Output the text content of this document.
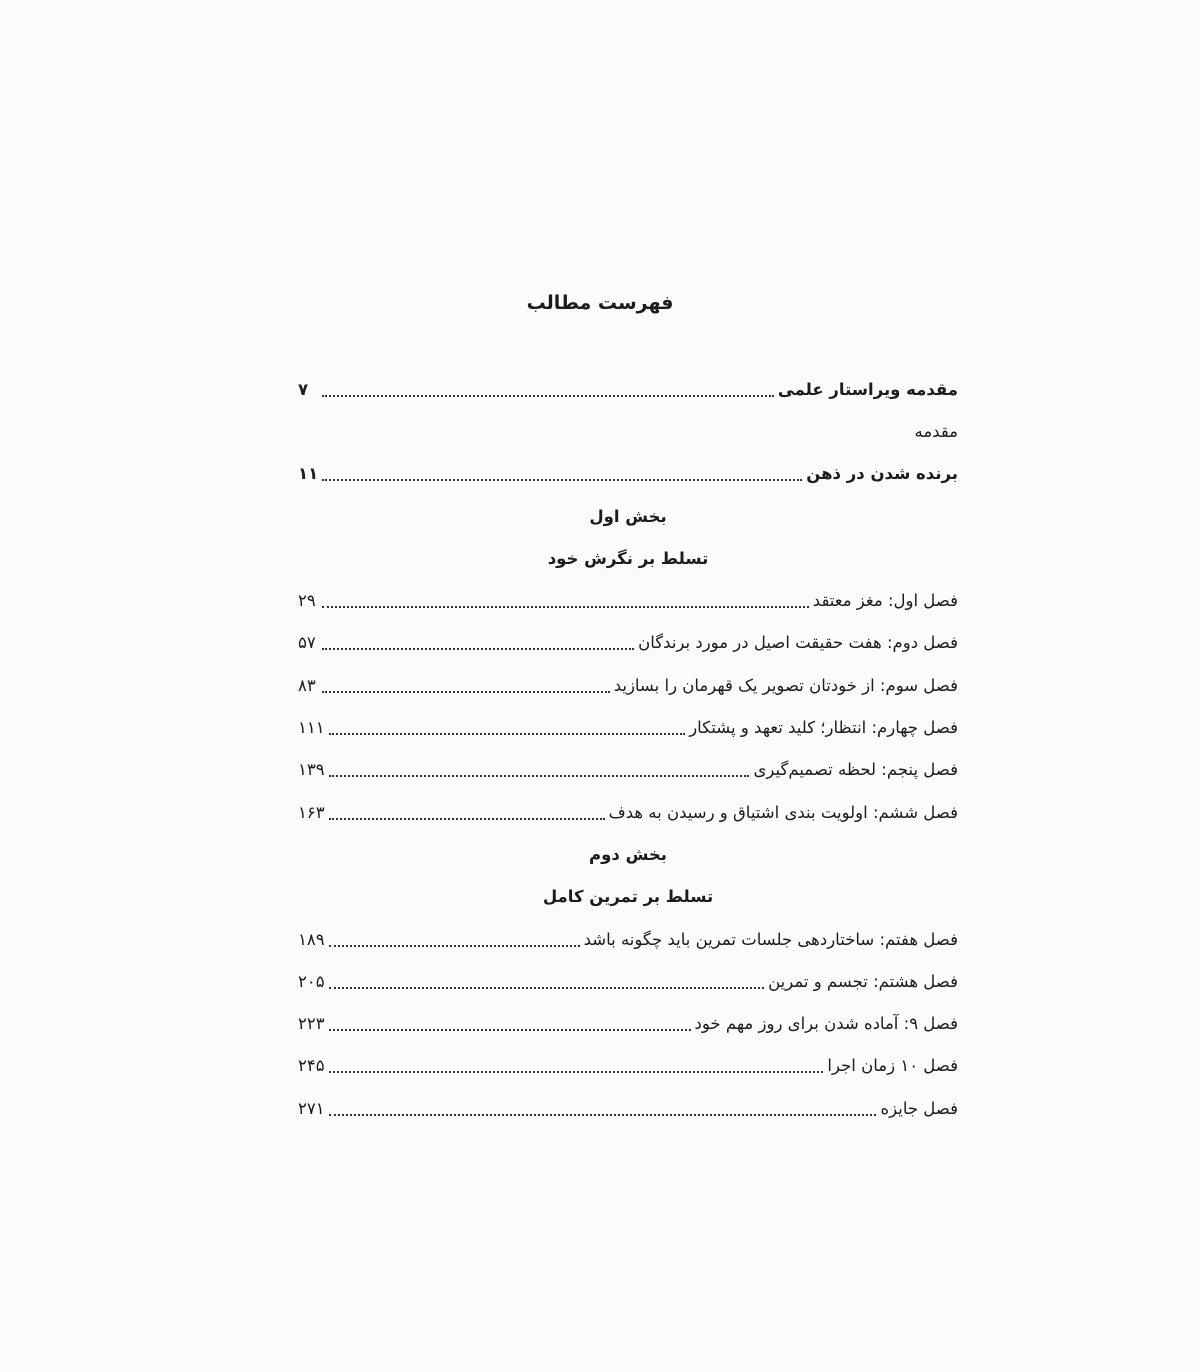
فهرست مطالب
مقدمه ویراستار علمی
۷
مقدمه
برنده شدن در ذهن
۱۱
بخش اول
تسلط بر نگرش خود
فصل اول: مغز معتقد
۲۹
فصل دوم: هفت حقیقت اصیل در مورد برندگان
۵۷
فصل سوم: از خودتان تصویر یک قهرمان را بسازید
۸۳
فصل چهارم: انتظار؛ کلید تعهد و پشتکار
۱۱۱
فصل پنجم: لحظه تصمیم‌گیری
۱۳۹
فصل ششم: اولویت بندی اشتیاق و رسیدن به هدف
۱۶۳
بخش دوم
تسلط بر تمرین کامل
فصل هفتم: ساختاردهی جلسات تمرین باید چگونه باشد
۱۸۹
فصل هشتم: تجسم و تمرین
۲۰۵
فصل ۹: آماده شدن برای روز مهم خود
۲۲۳
فصل ۱۰ زمان اجرا
۲۴۵
فصل جایزه
۲۷۱
